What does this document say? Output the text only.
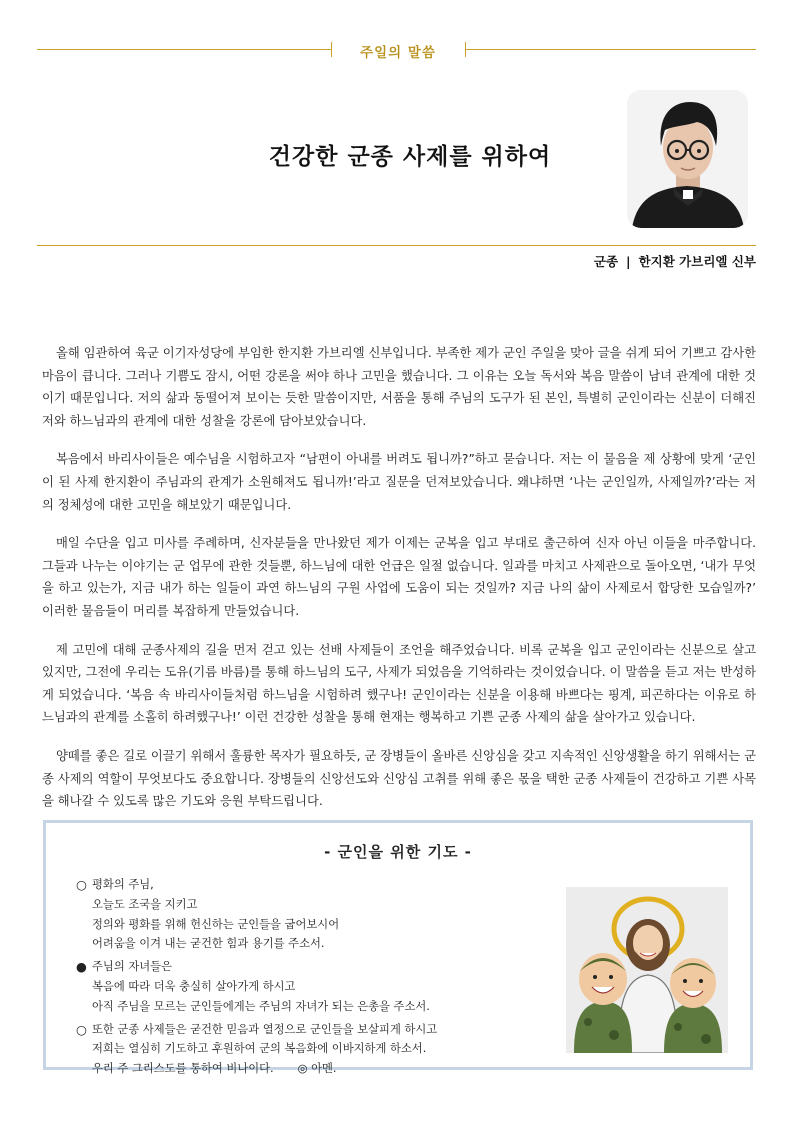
주일의 말씀
건강한 군종 사제를 위하여
군종 | 한지환 가브리엘 신부

올해 임관하여 육군 이기자성당에 부임한 한지환 가브리엘 신부입니다. 부족한 제가 군인 주일을 맞아 글을 쉬게 되어 기쁘고 감사한 마음이 큽니다. 그러나 기쁨도 잠시, 어떤 강론을 써야 하나 고민을 했습니다. 그 이유는 오늘 독서와 복음 말씀이 남녀 관계에 대한 것이기 때문입니다. 저의 삶과 동떨어져 보이는 듯한 말씀이지만, 서품을 통해 주님의 도구가 된 본인, 특별히 군인이라는 신분이 더해진 저와 하느님과의 관계에 대한 성찰을 강론에 담아보았습니다.

복음에서 바리사이들은 예수님을 시험하고자 “남편이 아내를 버려도 됩니까?”하고 묻습니다. 저는 이 물음을 제 상황에 맞게 ‘군인이 된 사제 한지환이 주님과의 관계가 소원해져도 됩니까!’라고 질문을 던져보았습니다. 왜냐하면 ‘나는 군인일까, 사제일까?’라는 저의 정체성에 대한 고민을 해보았기 때문입니다.

매일 수단을 입고 미사를 주례하며, 신자분들을 만나왔던 제가 이제는 군복을 입고 부대로 출근하여 신자 아닌 이들을 마주합니다. 그들과 나누는 이야기는 군 업무에 관한 것들뿐, 하느님에 대한 언급은 일절 없습니다. 일과를 마치고 사제관으로 돌아오면, ‘내가 무엇을 하고 있는가, 지금 내가 하는 일들이 과연 하느님의 구원 사업에 도움이 되는 것일까? 지금 나의 삶이 사제로서 합당한 모습일까?’ 이러한 물음들이 머리를 복잡하게 만들었습니다.

제 고민에 대해 군종사제의 길을 먼저 걷고 있는 선배 사제들이 조언을 해주었습니다. 비록 군복을 입고 군인이라는 신분으로 살고 있지만, 그전에 우리는 도유(기름 바름)를 통해 하느님의 도구, 사제가 되었음을 기억하라는 것이었습니다. 이 말씀을 듣고 저는 반성하게 되었습니다. ‘복음 속 바리사이들처럼 하느님을 시험하려 했구나! 군인이라는 신분을 이용해 바쁘다는 핑계, 피곤하다는 이유로 하느님과의 관계를 소홀히 하려했구나!’ 이런 건강한 성찰을 통해 현재는 행복하고 기쁜 군종 사제의 삶을 살아가고 있습니다.

양떼를 좋은 길로 이끌기 위해서 훌륭한 목자가 필요하듯, 군 장병들이 올바른 신앙심을 갖고 지속적인 신앙생활을 하기 위해서는 군종 사제의 역할이 무엇보다도 중요합니다. 장병들의 신앙선도와 신앙심 고취를 위해 좋은 몫을 택한 군종 사제들이 건강하고 기쁜 사목을 해나갈 수 있도록 많은 기도와 응원 부탁드립니다.

- 군인을 위한 기도 -
○ 평화의 주님,
오늘도 조국을 지키고
정의와 평화를 위해 헌신하는 군인들을 굽어보시어
어려움을 이겨 내는 굳건한 힘과 용기를 주소서.
● 주님의 자녀들은
복음에 따라 더욱 충실히 살아가게 하시고
아직 주님을 모르는 군인들에게는 주님의 자녀가 되는 은총을 주소서.
○ 또한 군종 사제들은 굳건한 믿음과 열정으로 군인들을 보살피게 하시고
저희는 열심히 기도하고 후원하여 군의 복음화에 이바지하게 하소서.
우리 주 그리스도를 통하여 비나이다. ◎ 아멘.
